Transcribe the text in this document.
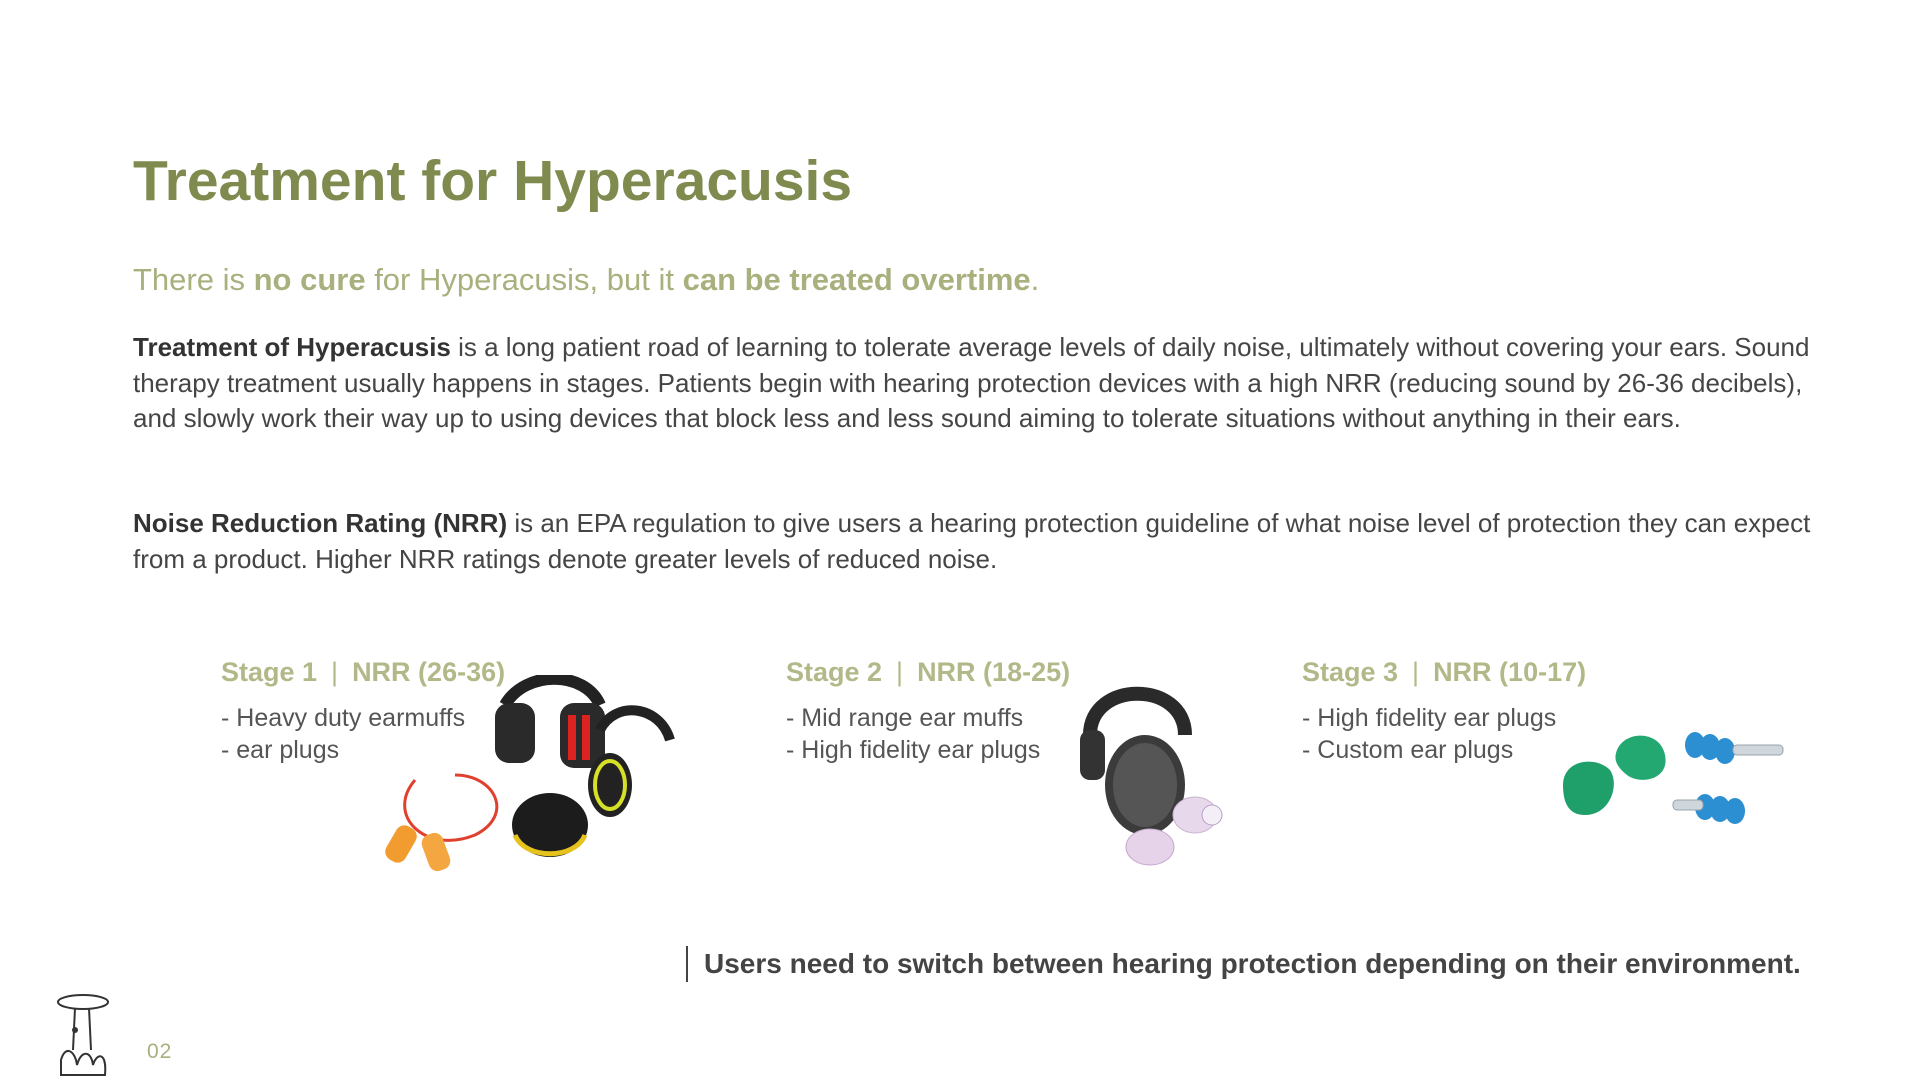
Treatment for Hyperacusis

There is no cure for Hyperacusis, but it can be treated overtime.

Treatment of Hyperacusis is a long patient road of learning to tolerate average levels of daily noise, ultimately without covering your ears. Sound therapy treatment usually happens in stages. Patients begin with hearing protection devices with a high NRR (reducing sound by 26-36 decibels), and slowly work their way up to using devices that block less and less sound aiming to tolerate situations without anything in their ears.

Noise Reduction Rating (NRR) is an EPA regulation to give users a hearing protection guideline of what noise level of protection they can expect from a product. Higher NRR ratings denote greater levels of reduced noise.

Stage 1 | NRR (26-36)
- Heavy duty earmuffs
- ear plugs
Stage 2 | NRR (18-25)
- Mid range ear muffs
- High fidelity ear plugs
Stage 3 | NRR (10-17)
- High fidelity ear plugs
- Custom ear plugs
Users need to switch between hearing protection depending on their environment.
02
